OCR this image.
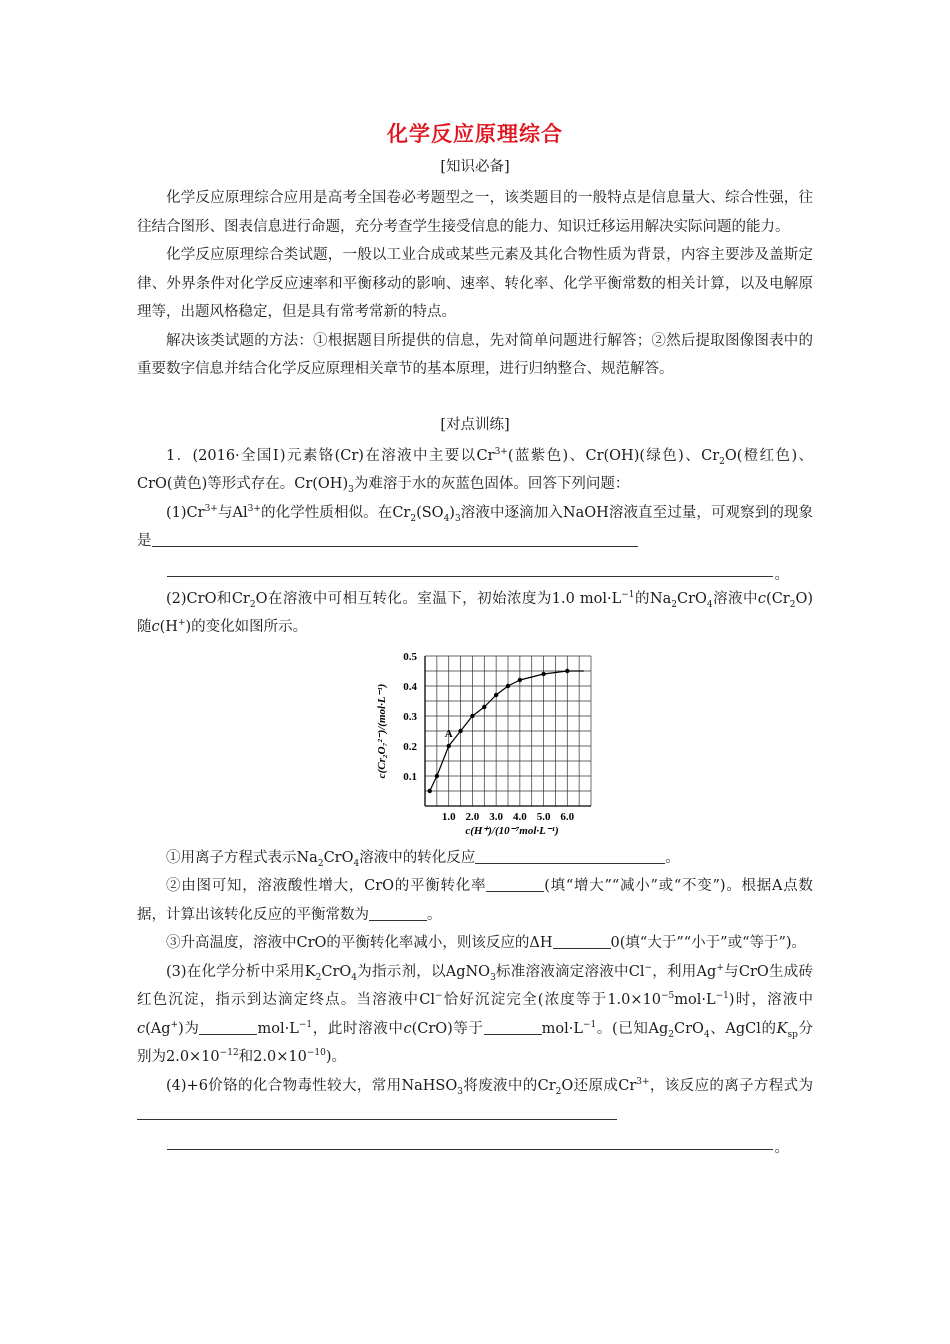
化学反应原理综合
[知识必备]

化学反应原理综合应用是高考全国卷必考题型之一，该类题目的一般特点是信息量大、综合性强，往往结合图形、图表信息进行命题，充分考查学生接受信息的能力、知识迁移运用解决实际问题的能力。

化学反应原理综合类试题，一般以工业合成或某些元素及其化合物性质为背景，内容主要涉及盖斯定律、外界条件对化学反应速率和平衡移动的影响、速率、转化率、化学平衡常数的相关计算，以及电解原理等，出题风格稳定，但是具有常考常新的特点。

解决该类试题的方法：①根据题目所提供的信息，先对简单问题进行解答；②然后提取图像图表中的重要数字信息并结合化学反应原理相关章节的基本原理，进行归纳整合、规范解答。

[对点训练]

1．(2016·全国Ⅰ)元素铬(Cr)在溶液中主要以$Cr^{3+}$(蓝紫色)、Cr(OH)(绿色)、$Cr_2O$(橙红色)、CrO(黄色)等形式存在。$Cr(OH)_3$为难溶于水的灰蓝色固体。回答下列问题：

$(1)Cr^{3+}$与$Al^{3+}$的化学性质相似。在$Cr_2(SO_4)_3$溶液中逐滴加入NaOH溶液直至过量，可观察到的现象是

。

(2)CrO和$Cr_2O$在溶液中可相互转化。室温下，初始浓度为1.0 $mol\cdot L^{-1}$的$Na_2CrO_4$溶液中$c(Cr_2O)$随c(H+)的变化如图所示。

0.1
0.2
0.3
0.4
0.5
1.0 2.0 3.0 4.0 5.0 6.0
c(H⁺)/(10⁻⁷mol·L⁻¹)
c(Cr₂O₇²⁻)/(mol·L⁻¹)	A

①用离子方程式表示$Na_2CrO_4$溶液中的转化反应	。

②由图可知，溶液酸性增大，CrO的平衡转化率	(填“增大”“减小”或“不变”)。根据A点数据，计算出该转化反应的平衡常数为	。

③升高温度，溶液中CrO的平衡转化率减小，则该反应的ΔH	0(填“大于”“小于”或“等于”)。

(3)在化学分析中采用$K_2CrO_4$为指示剂，以AgNO$_3$标准溶液滴定溶液中Cl−，利用Ag+与CrO生成砖红色沉淀，指示到达滴定终点。当溶液中Cl−恰好沉淀完全(浓度等于$1.0\times 10^{-5}mol\cdot L^{-1}$)时，溶液中c(Ag+)为	$mol\cdot L^{-1}$，此时溶液中c(CrO)等于	$mol\cdot L^{-1}$。(已知$Ag_2CrO_4$、AgCl的$K_{sp}$分别为$2.0\times 10^{-12}$和$2.0\times 10^{-10}$)。

(4)+6价铬的化合物毒性较大，常用NaHSO$_3$将废液中的$Cr_2O$还原成$Cr^{3+}$，该反应的离子方程式为

。
